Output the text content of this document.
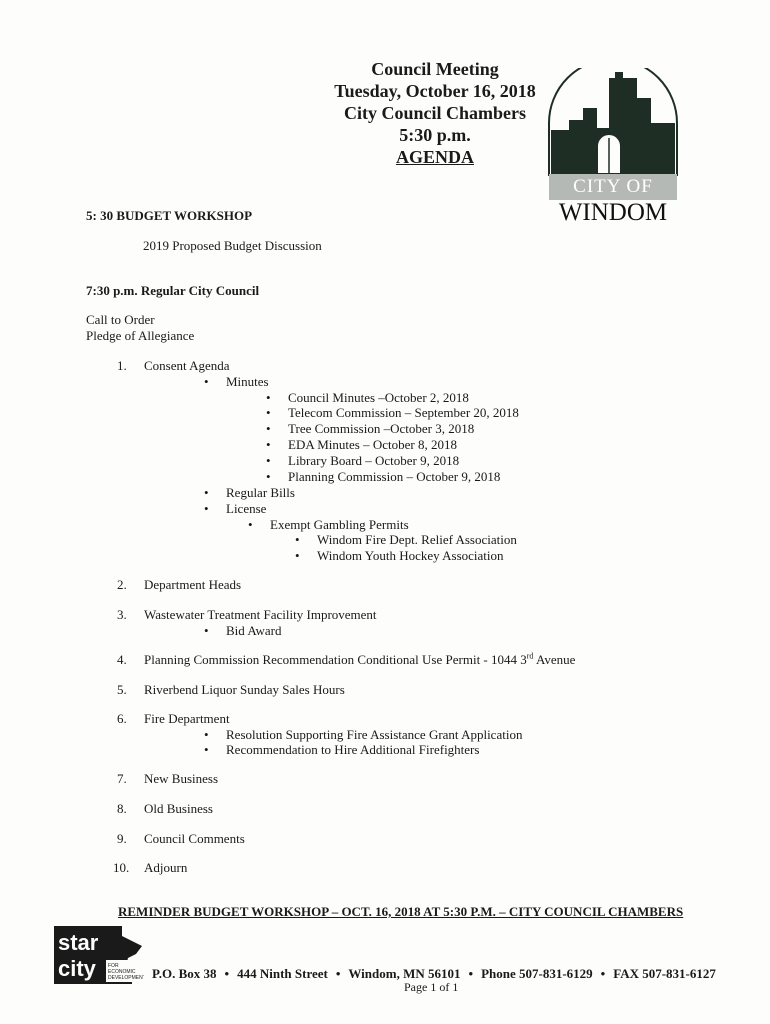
Council Meeting
Tuesday, October 16, 2018
City Council Chambers
5:30 p.m.
AGENDA
CITY OF
WINDOM
5: 30 BUDGET WORKSHOP
2019 Proposed Budget Discussion
7:30 p.m. Regular City Council
Call to Order
Pledge of Allegiance
1. Consent Agenda
• Minutes
• Council Minutes –October 2, 2018
• Telecom Commission – September 20, 2018
• Tree Commission –October 3, 2018
• EDA Minutes – October 8, 2018
• Library Board – October 9, 2018
• Planning Commission – October 9, 2018
• Regular Bills
• License
• Exempt Gambling Permits
• Windom Fire Dept. Relief Association
• Windom Youth Hockey Association
2. Department Heads
3. Wastewater Treatment Facility Improvement
• Bid Award
4. Planning Commission Recommendation Conditional Use Permit - 1044 3rd Avenue
5. Riverbend Liquor Sunday Sales Hours
6. Fire Department
• Resolution Supporting Fire Assistance Grant Application
• Recommendation to Hire Additional Firefighters
7. New Business
8. Old Business
9. Council Comments
10. Adjourn
REMINDER BUDGET WORKSHOP – OCT. 16, 2018 AT 5:30 P.M. – CITY COUNCIL CHAMBERS
star
city FOR
ECONOMIC
DEVELOPMENT P.O. Box 38 • 444 Ninth Street • Windom, MN 56101 • Phone 507-831-6129 • FAX 507-831-6127
Page 1 of 1
